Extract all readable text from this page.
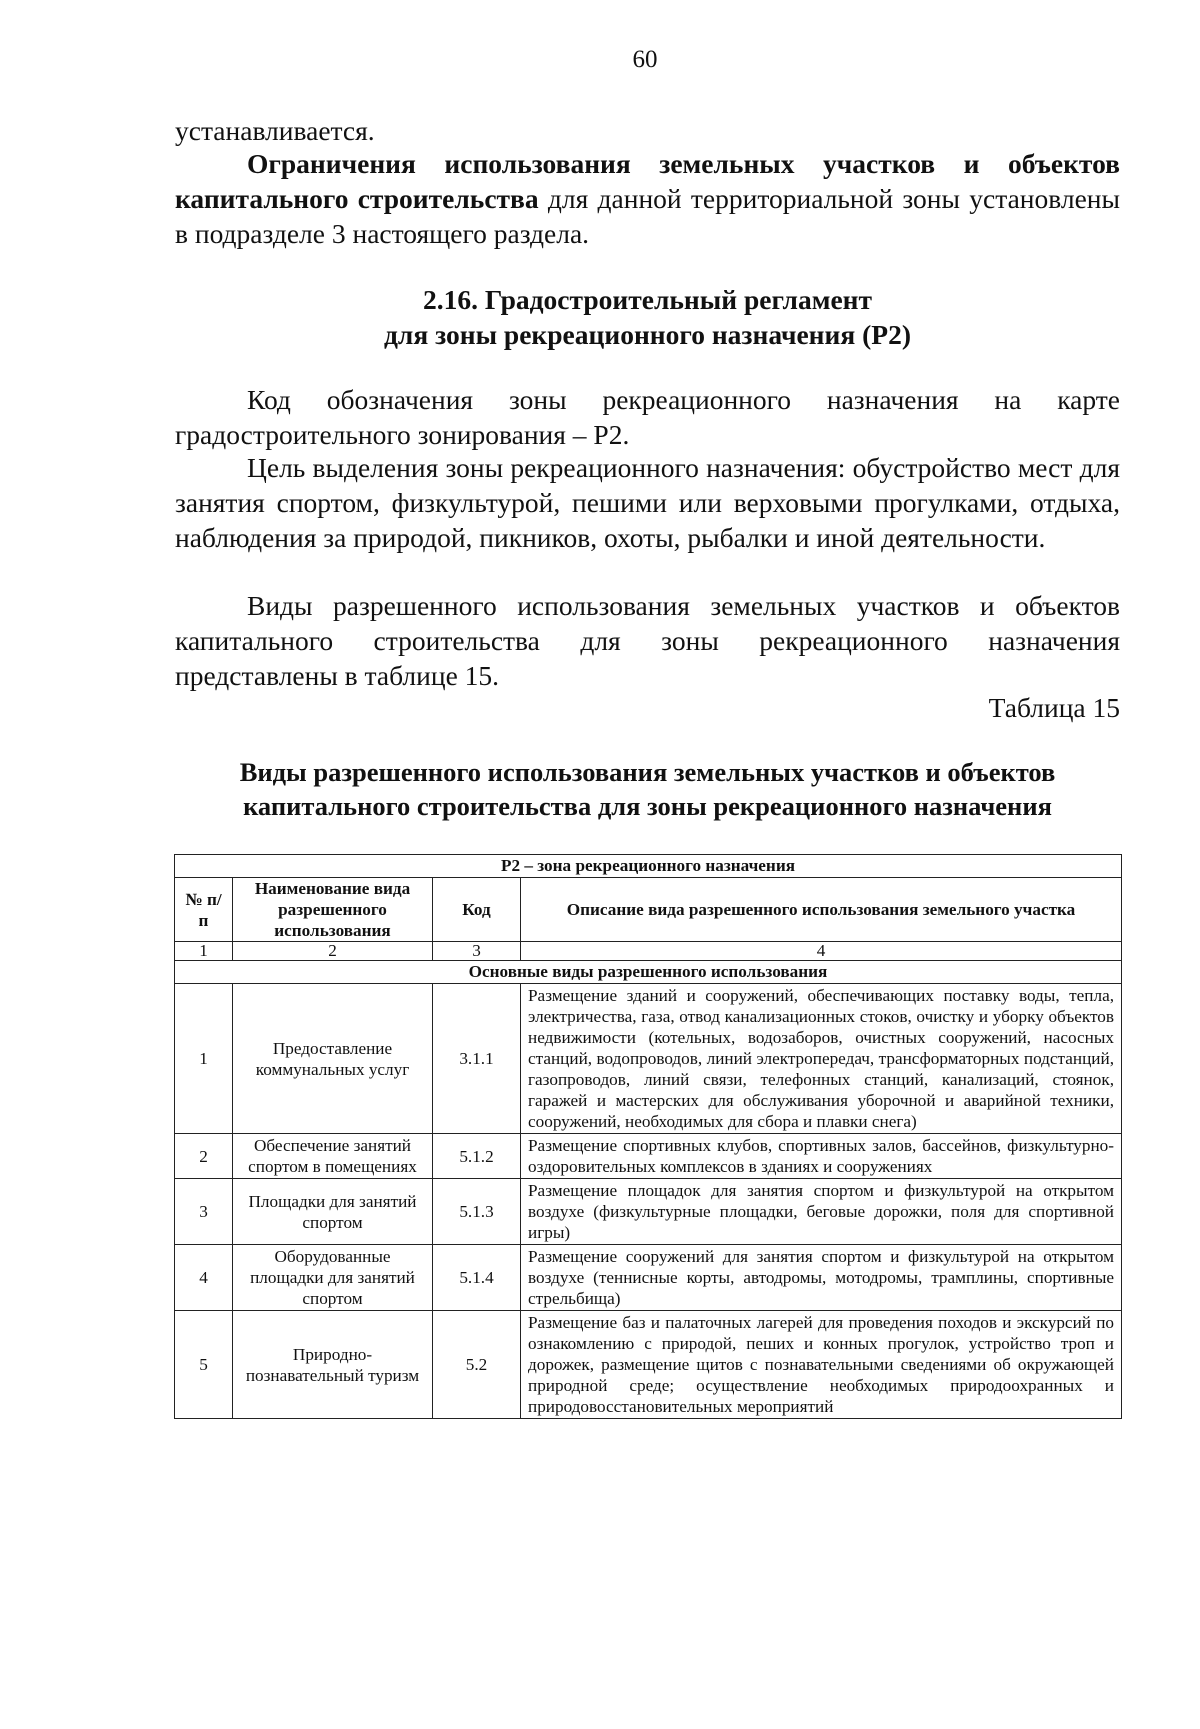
60
устанавливается.
Ограничения использования земельных участков и объектов капитального строительства для данной территориальной зоны установлены в подразделе 3 настоящего раздела.
2.16. Градостроительный регламент
для зоны рекреационного назначения (Р2)
Код обозначения зоны рекреационного назначения на карте градостроительного зонирования – Р2.
Цель выделения зоны рекреационного назначения: обустройство мест для занятия спортом, физкультурой, пешими или верховыми прогулками, отдыха, наблюдения за природой, пикников, охоты, рыбалки и иной деятельности.
Виды разрешенного использования земельных участков и объектов капитального строительства для зоны рекреационного назначения представлены в таблице 15.
Таблица 15
Виды разрешенного использования земельных участков и объектов
капитального строительства для зоны рекреационного назначения
Р2 – зона рекреационного назначения			
№ п/п	Наименование вида разрешенного использования	Код	Описание вида разрешенного использования земельного участка
1	2	3	4
Основные виды разрешенного использования			
1	Предоставление коммунальных услуг	3.1.1	Размещение зданий и сооружений, обеспечивающих поставку воды, тепла, электричества, газа, отвод канализационных стоков, очистку и уборку объектов недвижимости (котельных, водозаборов, очистных сооружений, насосных станций, водопроводов, линий электропередач, трансформаторных подстанций, газопроводов, линий связи, телефонных станций, канализаций, стоянок, гаражей и мастерских для обслуживания уборочной и аварийной техники, сооружений, необходимых для сбора и плавки снега)
2	Обеспечение занятий спортом в помещениях	5.1.2	Размещение спортивных клубов, спортивных залов, бассейнов, физкультурно-оздоровительных комплексов в зданиях и сооружениях
3	Площадки для занятий спортом	5.1.3	Размещение площадок для занятия спортом и физкультурой на открытом воздухе (физкультурные площадки, беговые дорожки, поля для спортивной игры)
4	Оборудованные площадки для занятий спортом	5.1.4	Размещение сооружений для занятия спортом и физкультурой на открытом воздухе (теннисные корты, автодромы, мотодромы, трамплины, спортивные стрельбища)
5	Природно-познавательный туризм	5.2	Размещение баз и палаточных лагерей для проведения походов и экскурсий по ознакомлению с природой, пеших и конных прогулок, устройство троп и дорожек, размещение щитов с познавательными сведениями об окружающей природной среде; осуществление необходимых природоохранных и природовосстановительных мероприятий
